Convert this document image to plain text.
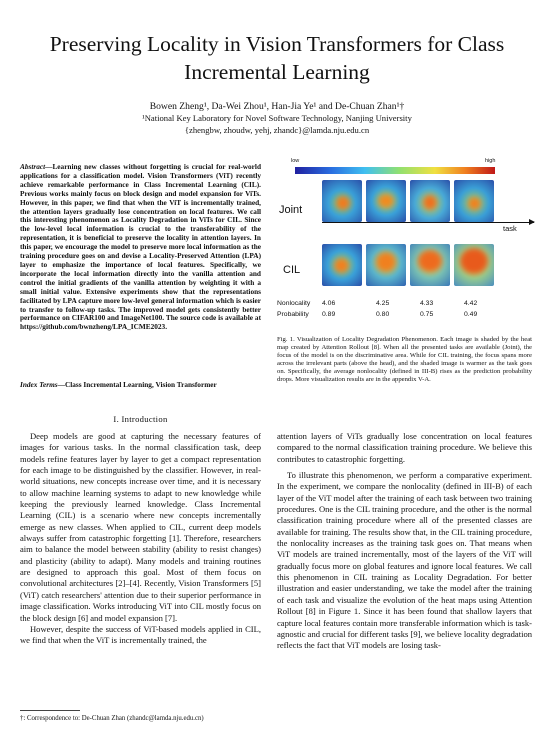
Preserving Locality in Vision Transformers for Class Incremental Learning
Bowen Zheng¹, Da-Wei Zhou¹, Han-Jia Ye¹ and De-Chuan Zhan¹†
¹National Key Laboratory for Novel Software Technology, Nanjing University
{zhengbw, zhoudw, yehj, zhandc}@lamda.nju.edu.cn
Abstract—Learning new classes without forgetting is crucial for real-world applications for a classification model. Vision Transformers (ViT) recently achieve remarkable performance in Class Incremental Learning (CIL). Previous works mainly focus on block design and model expansion for ViTs. However, in this paper, we find that when the ViT is incrementally trained, the attention layers gradually lose concentration on local features. We call this interesting phenomenon as Locality Degradation in ViTs for CIL. Since the low-level local information is crucial to the transferability of the representation, it is beneficial to preserve the locality in attention layers. In this paper, we encourage the model to preserve more local information as the training procedure goes on and devise a Locality-Preserved Attention (LPA) layer to emphasize the importance of local features. Specifically, we incorporate the local information directly into the vanilla attention and control the initial gradients of the vanilla attention by weighting it with a small initial value. Extensive experiments show that the representations facilitated by LPA capture more low-level general information which is easier to transfer to follow-up tasks. The improved model gets consistently better performance on CIFAR100 and ImageNet100. The source code is available at https://github.com/bwnzheng/LPA_ICME2023.
Index Terms—Class Incremental Learning, Vision Transformer
I. Introduction

Deep models are good at capturing the necessary features of images for various tasks. In the normal classification task, deep models refine features layer by layer to get a compact representation for each image to be distinguished by the classifier. However, in real-world situations, new concepts increase over time, and it is necessary to allow machine learning systems to adapt to new knowledge while keeping the previously learned knowledge. Class Incremental Learning (CIL) is a scenario where new concepts incrementally emerge as new classes. When applied to CIL, current deep models always suffer from catastrophic forgetting [1]. Therefore, researchers aim to balance the model between stability (ability to resist changes) and plasticity (ability to adapt). Many models and training routines are designed to approach this goal. Most of them focus on convolutional architectures [2]–[4]. Recently, Vision Transformers [5] (ViT) catch researchers' attention due to their superior performance in image classification. Works introducing ViT into CIL mostly focus on the block design [6] and model expansion [7].

However, despite the success of ViT-based models applied in CIL, we find that when the ViT is incrementally trained, the

†: Correspondence to: De-Chuan Zhan (zhandc@lamda.nju.edu.cn)
low	high
Joint
CIL
task
Nonlocality 4.06	4.25	4.33	4.42
Probability 0.89	0.80	0.75	0.49
Fig. 1. Visualization of Locality Degradation Phenomenon. Each image is shaded by the heat map created by Attention Rollout [8]. When all the presented tasks are available (Joint), the focus of the model is on the discriminative area. While for CIL training, the focus spans more across the irrelevant parts (above the head), and the shaded image is warmer as the task goes on. Specifically, the average nonlocality (defined in III-B) rises as the prediction probability drops. More visualization results are in the appendix V-A.

attention layers of ViTs gradually lose concentration on local features compared to the normal classification training procedure. We believe this contributes to catastrophic forgetting.

To illustrate this phenomenon, we perform a comparative experiment. In the experiment, we compare the nonlocality (defined in III-B) of each layer of the ViT model after the training of each task between two training procedures. One is the CIL training procedure, and the other is the normal classification training procedure where all of the presented classes are available for training. The results show that, in the CIL training procedure, the nonlocality increases as the training task goes on. That means when ViT models are trained incrementally, most of the layers of the ViT will gradually focus more on global features and ignore local features. We call this phenomenon in CIL training as Locality Degradation. For better illustration and easier understanding, we take the model after the training of each task and visualize the evolution of the heat maps using Attention Rollout [8] in Figure 1. Since it has been found that shallow layers that capture local features contain more transferable information which is task-agnostic and crucial for different tasks [9], we believe locality degradation reflects the fact that ViT models are losing task-
